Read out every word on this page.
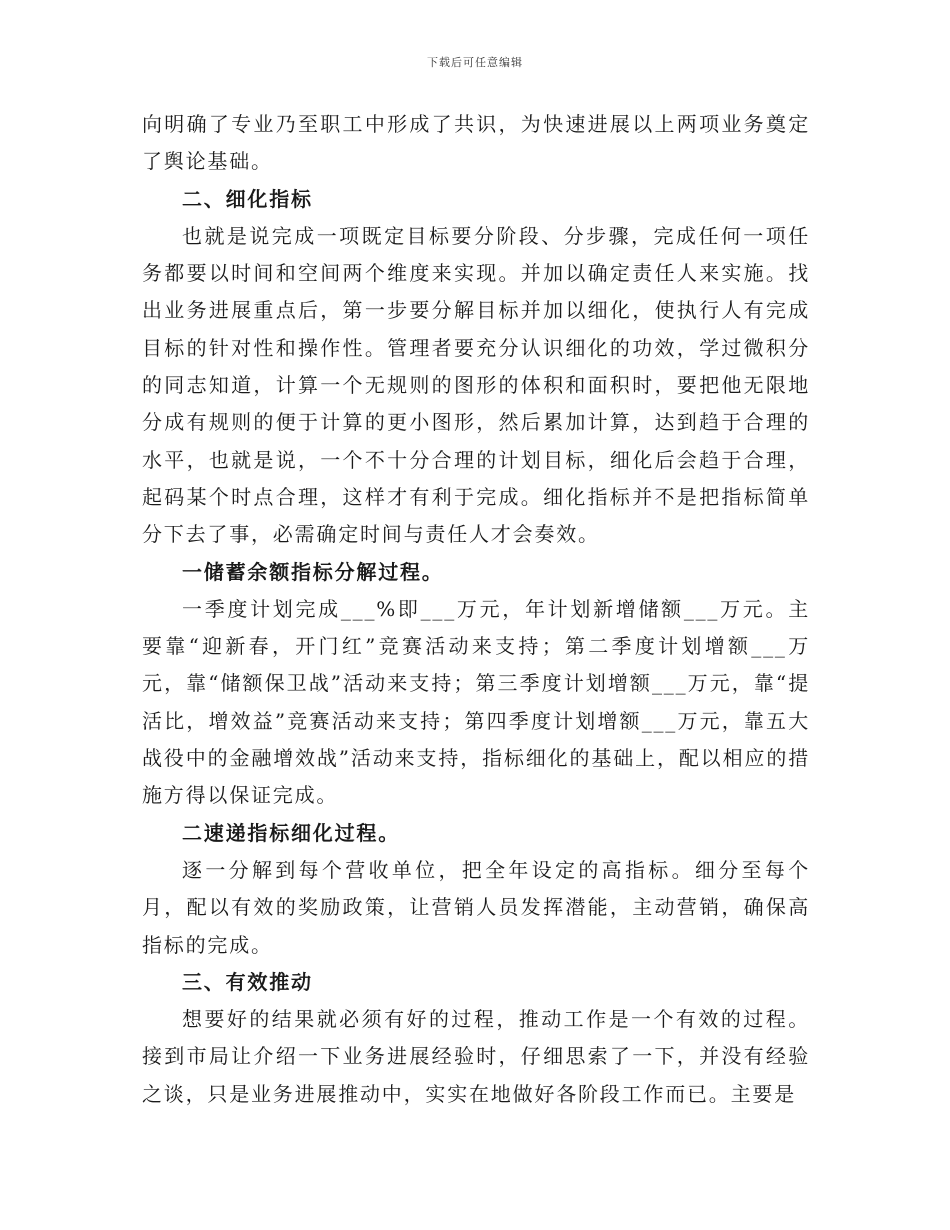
下载后可任意编辑

向明确了专业乃至职工中形成了共识，为快速进展以上两项业务奠定了舆论基础。

二、细化指标

也就是说完成一项既定目标要分阶段、分步骤，完成任何一项任务都要以时间和空间两个维度来实现。并加以确定责任人来实施。找出业务进展重点后，第一步要分解目标并加以细化，使执行人有完成目标的针对性和操作性。管理者要充分认识细化的功效，学过微积分的同志知道，计算一个无规则的图形的体积和面积时，要把他无限地分成有规则的便于计算的更小图形，然后累加计算，达到趋于合理的水平，也就是说，一个不十分合理的计划目标，细化后会趋于合理，起码某个时点合理，这样才有利于完成。细化指标并不是把指标简单分下去了事，必需确定时间与责任人才会奏效。

一储蓄余额指标分解过程。

一季度计划完成___%即___万元，年计划新增储额___万元。主要靠“迎新春，开门红”竞赛活动来支持；第二季度计划增额___万元，靠“储额保卫战”活动来支持；第三季度计划增额___万元，靠“提活比，增效益”竞赛活动来支持；第四季度计划增额___万元，靠五大战役中的金融增效战”活动来支持，指标细化的基础上，配以相应的措施方得以保证完成。

二速递指标细化过程。

逐一分解到每个营收单位，把全年设定的高指标。细分至每个月，配以有效的奖励政策，让营销人员发挥潜能，主动营销，确保高指标的完成。

三、有效推动

想要好的结果就必须有好的过程，推动工作是一个有效的过程。接到市局让介绍一下业务进展经验时，仔细思索了一下，并没有经验之谈，只是业务进展推动中，实实在地做好各阶段工作而已。主要是
